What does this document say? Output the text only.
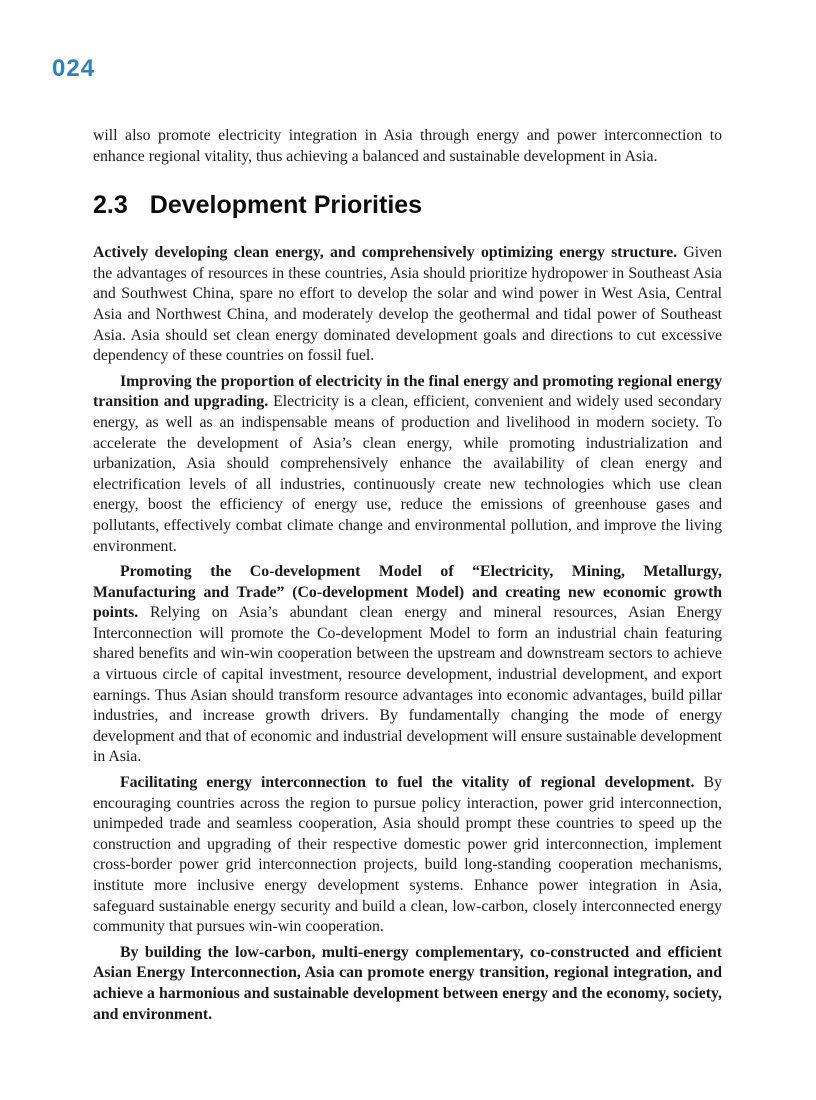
024

will also promote electricity integration in Asia through energy and power interconnection to enhance regional vitality, thus achieving a balanced and sustainable development in Asia.

2.3 Development Priorities

Actively developing clean energy, and comprehensively optimizing energy structure. Given the advantages of resources in these countries, Asia should prioritize hydropower in Southeast Asia and Southwest China, spare no effort to develop the solar and wind power in West Asia, Central Asia and Northwest China, and moderately develop the geothermal and tidal power of Southeast Asia. Asia should set clean energy dominated development goals and directions to cut excessive dependency of these countries on fossil fuel.

Improving the proportion of electricity in the final energy and promoting regional energy transition and upgrading. Electricity is a clean, efficient, convenient and widely used secondary energy, as well as an indispensable means of production and livelihood in modern society. To accelerate the development of Asia’s clean energy, while promoting industrialization and urbanization, Asia should comprehensively enhance the availability of clean energy and electrification levels of all industries, continuously create new technologies which use clean energy, boost the efficiency of energy use, reduce the emissions of greenhouse gases and pollutants, effectively combat climate change and environmental pollution, and improve the living environment.

Promoting the Co-development Model of “Electricity, Mining, Metallurgy, Manufacturing and Trade” (Co-development Model) and creating new economic growth points. Relying on Asia’s abundant clean energy and mineral resources, Asian Energy Interconnection will promote the Co-development Model to form an industrial chain featuring shared benefits and win-win cooperation between the upstream and downstream sectors to achieve a virtuous circle of capital investment, resource development, industrial development, and export earnings. Thus Asian should transform resource advantages into economic advantages, build pillar industries, and increase growth drivers. By fundamentally changing the mode of energy development and that of economic and industrial development will ensure sustainable development in Asia.

Facilitating energy interconnection to fuel the vitality of regional development. By encouraging countries across the region to pursue policy interaction, power grid interconnection, unimpeded trade and seamless cooperation, Asia should prompt these countries to speed up the construction and upgrading of their respective domestic power grid interconnection, implement cross-border power grid interconnection projects, build long-standing cooperation mechanisms, institute more inclusive energy development systems. Enhance power integration in Asia, safeguard sustainable energy security and build a clean, low-carbon, closely interconnected energy community that pursues win-win cooperation.

By building the low-carbon, multi-energy complementary, co-constructed and efficient Asian Energy Interconnection, Asia can promote energy transition, regional integration, and achieve a harmonious and sustainable development between energy and the economy, society, and environment.
